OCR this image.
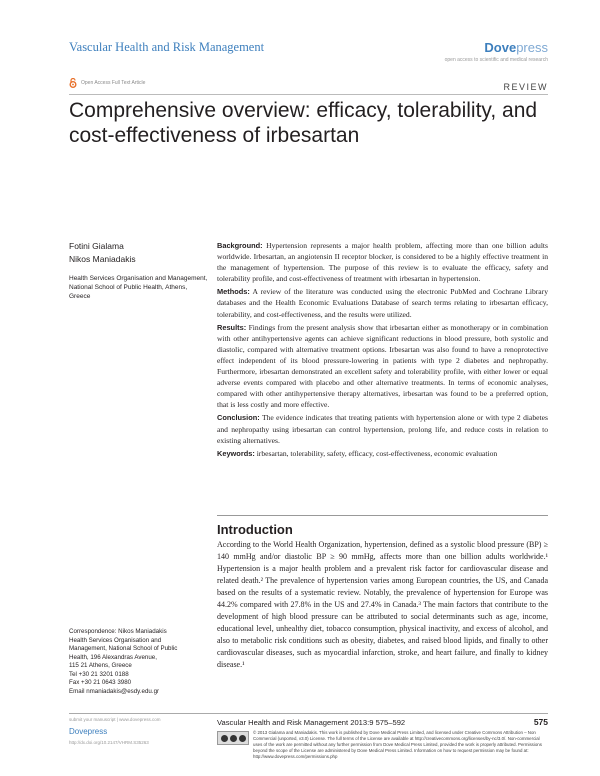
Vascular Health and Risk Management	Dovepress
open access to scientific and medical research
Open Access Full Text Article	REVIEW
Comprehensive overview: efficacy, tolerability, and cost-effectiveness of irbesartan
Fotini Gialama
Nikos Maniadakis
Health Services Organisation and Management, National School of Public Health, Athens, Greece

Background: Hypertension represents a major health problem, affecting more than one billion adults worldwide. Irbesartan, an angiotensin II receptor blocker, is considered to be a highly effective treatment in the management of hypertension. The purpose of this review is to evaluate the efficacy, safety and tolerability profile, and cost-effectiveness of treatment with irbesartan in hypertension.

Methods: A review of the literature was conducted using the electronic PubMed and Cochrane Library databases and the Health Economic Evaluations Database of search terms relating to irbesartan efficacy, tolerability, and cost-effectiveness, and the results were utilized.

Results: Findings from the present analysis show that irbesartan either as monotherapy or in combination with other antihypertensive agents can achieve significant reductions in blood pressure, both systolic and diastolic, compared with alternative treatment options. Irbesartan was also found to have a renoprotective effect independent of its blood pressure-lowering in patients with type 2 diabetes and nephropathy. Furthermore, irbesartan demonstrated an excellent safety and tolerability profile, with either lower or equal adverse events compared with placebo and other alternative treatments. In terms of economic analyses, compared with other antihypertensive therapy alternatives, irbesartan was found to be a preferred option, that is less costly and more effective.

Conclusion: The evidence indicates that treating patients with hypertension alone or with type 2 diabetes and nephropathy using irbesartan can control hypertension, prolong life, and reduce costs in relation to existing alternatives.

Keywords: irbesartan, tolerability, safety, efficacy, cost-effectiveness, economic evaluation

Introduction
According to the World Health Organization, hypertension, defined as a systolic blood pressure (BP) ≥ 140 mmHg and/or diastolic BP ≥ 90 mmHg, affects more than one billion adults worldwide.¹ Hypertension is a major health problem and a prevalent risk factor for cardiovascular disease and related death.² The prevalence of hypertension varies among European countries, the US, and Canada based on the results of a systematic review. Notably, the prevalence of hypertension for Europe was 44.2% compared with 27.8% in the US and 27.4% in Canada.³ The main factors that contribute to the development of high blood pressure can be attributed to social determinants such as age, income, educational level, unhealthy diet, tobacco consumption, physical inactivity, and excess of alcohol, and also to metabolic risk conditions such as obesity, diabetes, and raised blood lipids, and finally to other cardiovascular diseases, such as myocardial infarction, stroke, and heart failure, and finally to kidney disease.¹
Correspondence: Nikos Maniadakis
Health Services Organisation and
Management, National School of Public
Health, 196 Alexandras Avenue,
115 21 Athens, Greece
Tel +30 21 3201 0188
Fax +30 21 0643 3980
Email nmaniadakis@esdy.edu.gr
submit your manuscript | www.dovepress.com
Dovepress
http://dx.doi.org/10.2147/VHRM.S35263
Vascular Health and Risk Management 2013:9 575–592	575
© 2013 Gialama and Maniadakis. This work is published by Dove Medical Press Limited, and licensed under Creative Commons Attribution – Non Commercial (unported, v3.0) License. The full terms of the License are available at http://creativecommons.org/licenses/by-nc/3.0/. Non-commercial uses of the work are permitted without any further permission from Dove Medical Press Limited, provided the work is properly attributed. Permissions beyond the scope of the License are administered by Dove Medical Press Limited. Information on how to request permission may be found at: http://www.dovepress.com/permissions.php
